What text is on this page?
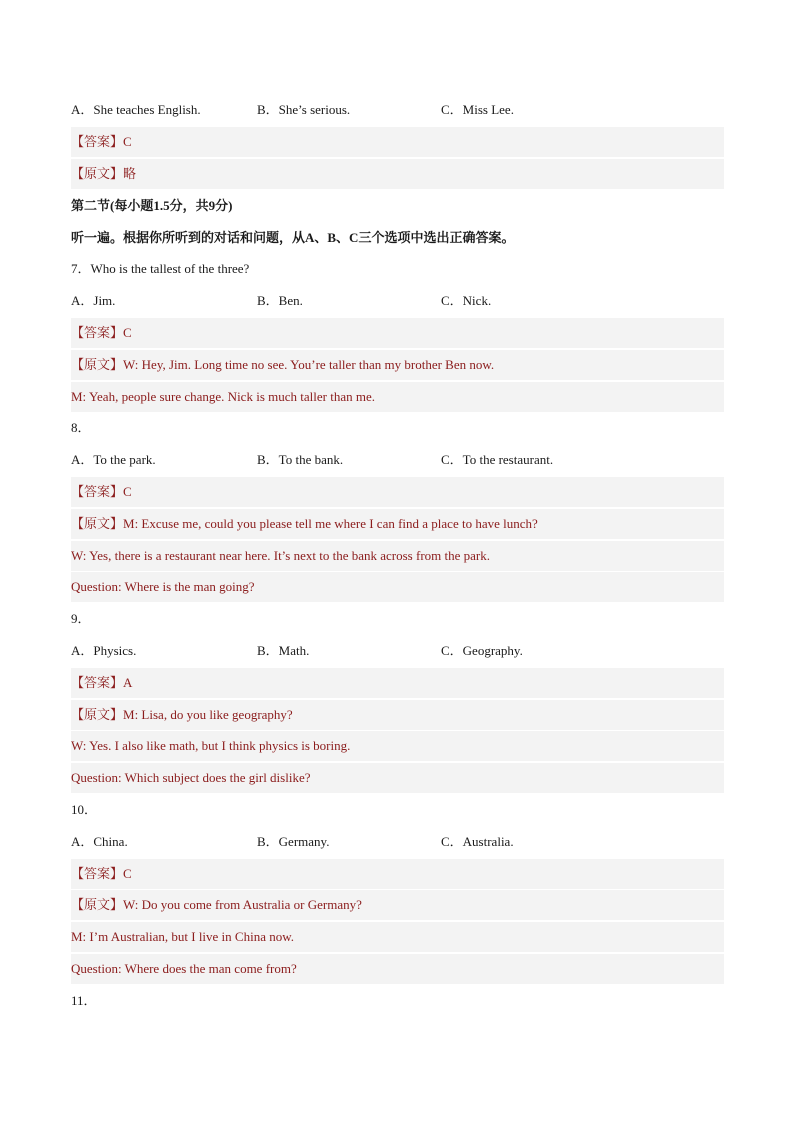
A．She teaches English.	B．She’s serious.	C．Miss Lee.
【答案】C
【原文】略
第二节(每小题1.5分，共9分)
听一遍。根据你所听到的对话和问题，从A、B、C三个选项中选出正确答案。
7．Who is the tallest of the three?
A．Jim.	B．Ben.	C．Nick.
【答案】C
【原文】W: Hey, Jim. Long time no see. You’re taller than my brother Ben now.
M: Yeah, people sure change. Nick is much taller than me.
8．
A．To the park.	B．To the bank.	C．To the restaurant.
【答案】C
【原文】M: Excuse me, could you please tell me where I can find a place to have lunch?
W: Yes, there is a restaurant near here. It’s next to the bank across from the park.
Question: Where is the man going?
9．
A．Physics.	B．Math.	C．Geography.
【答案】A
【原文】M: Lisa, do you like geography?
W: Yes. I also like math, but I think physics is boring.
Question: Which subject does the girl dislike?
10．
A．China.	B．Germany.	C．Australia.
【答案】C
【原文】W: Do you come from Australia or Germany?
M: I’m Australian, but I live in China now.
Question: Where does the man come from?
11．
